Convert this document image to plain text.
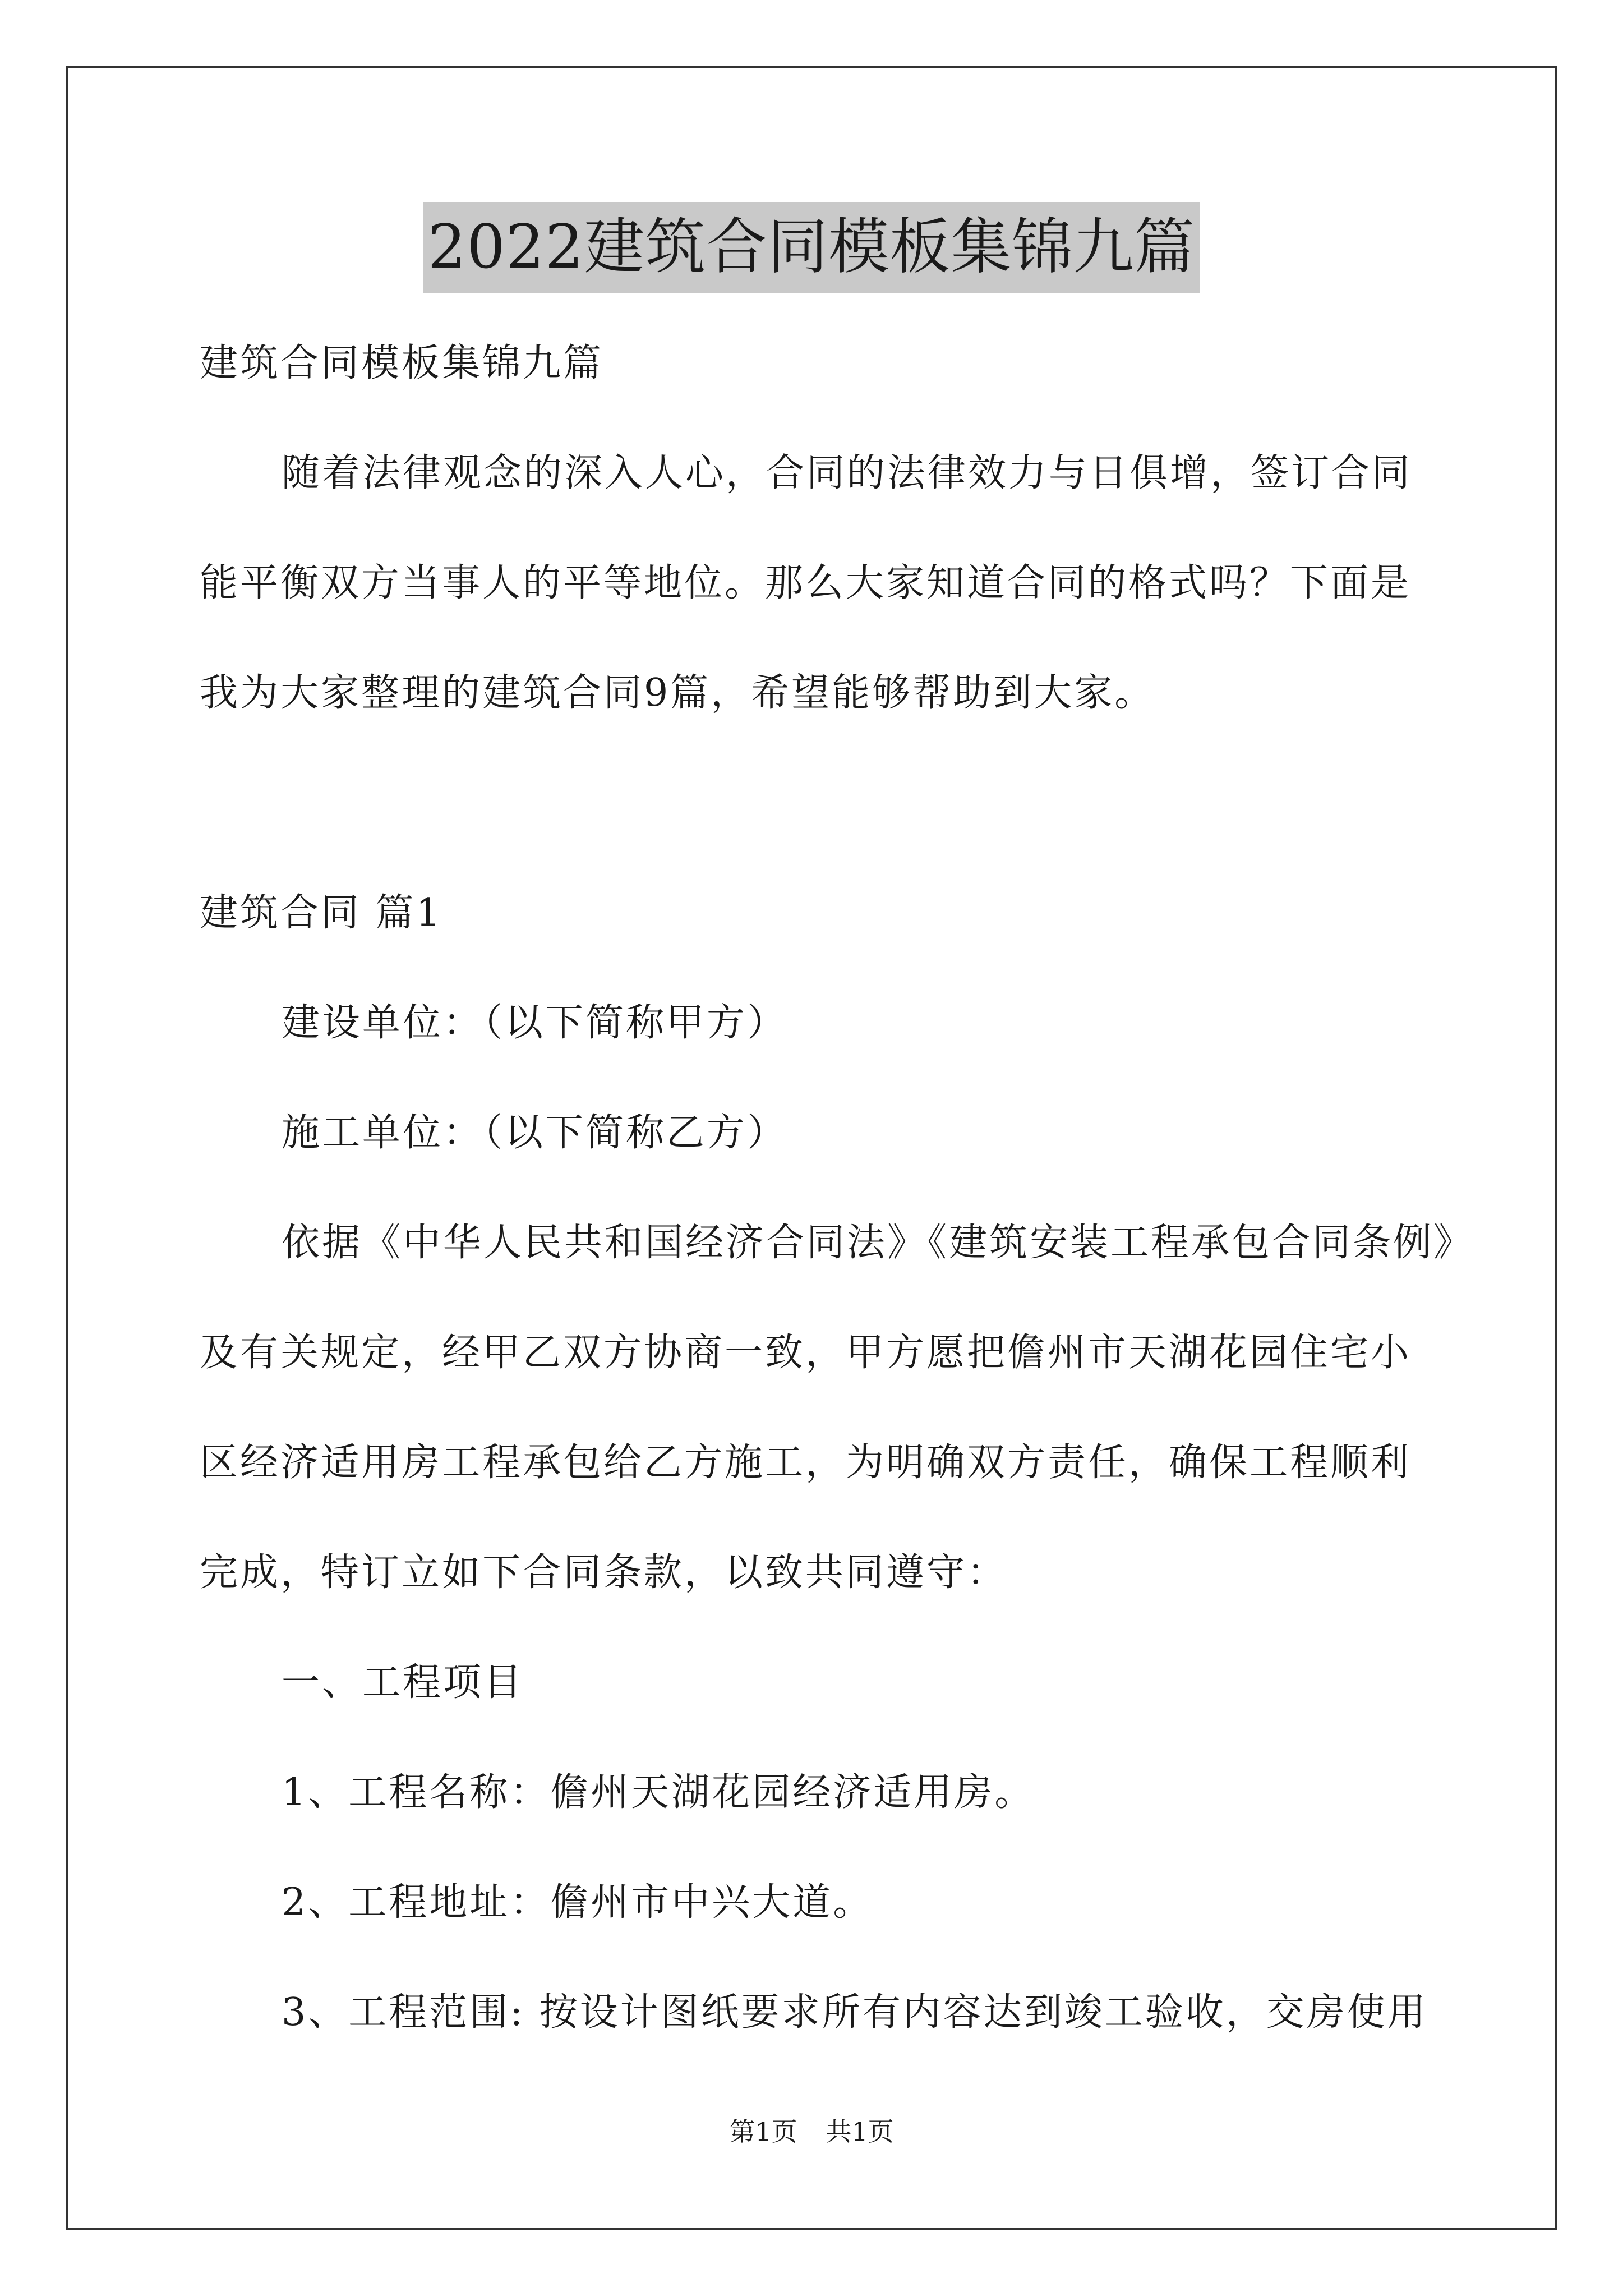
2022建筑合同模板集锦九篇
建筑合同模板集锦九篇
随着法律观念的深入人心，合同的法律效力与日俱增，签订合同
能平衡双方当事人的平等地位。那么大家知道合同的格式吗？下面是
我为大家整理的建筑合同9篇，希望能够帮助到大家。
建筑合同 篇1
建设单位：（以下简称甲方）
施工单位：（以下简称乙方）
依据《中华人民共和国经济合同法》《建筑安装工程承包合同条例》
及有关规定，经甲乙双方协商一致，甲方愿把儋州市天湖花园住宅小
区经济适用房工程承包给乙方施工，为明确双方责任，确保工程顺利
完成，特订立如下合同条款，以致共同遵守：
一、工程项目
1、工程名称：儋州天湖花园经济适用房。
2、工程地址：儋州市中兴大道。
3、工程范围: 按设计图纸要求所有内容达到竣工验收，交房使用
第1页 共1页
